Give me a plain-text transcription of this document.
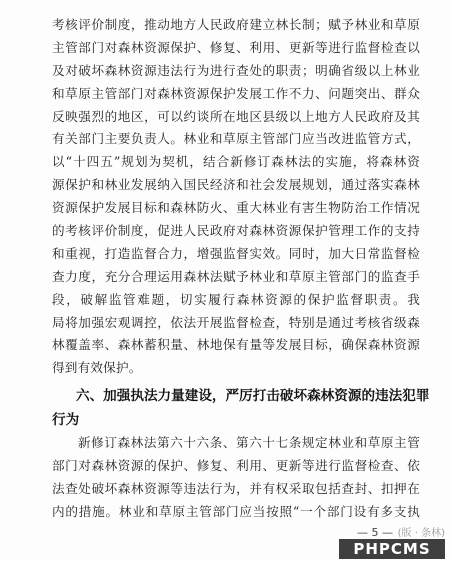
考核评价制度，推动地方人民政府建立林长制；赋予林业和草原
主管部门对森林资源保护、修复、利用、更新等进行监督检查以
及对破坏森林资源违法行为进行查处的职责；明确省级以上林业
和草原主管部门对森林资源保护发展工作不力、问题突出、群众
反映强烈的地区，可以约谈所在地区县级以上地方人民政府及其
有关部门主要负责人。林业和草原主管部门应当改进监管方式，
以“十四五”规划为契机，结合新修订森林法的实施，将森林资
源保护和林业发展纳入国民经济和社会发展规划，通过落实森林
资源保护发展目标和森林防火、重大林业有害生物防治工作情况
的考核评价制度，促进人民政府对森林资源保护管理工作的支持
和重视，打造监督合力，增强监督实效。同时，加大日常监督检
查力度，充分合理运用森林法赋予林业和草原主管部门的监查手
段，破解监管难题，切实履行森林资源的保护监督职责。我
局将加强宏观调控，依法开展监督检查，特别是通过考核省级森
林覆盖率、森林蓄积量、林地保有量等发展目标，确保森林资源
得到有效保护。
六、加强执法力量建设，严厉打击破坏森林资源的违法犯罪
行为
新修订森林法第六十六条、第六十七条规定林业和草原主管
部门对森林资源的保护、修复、利用、更新等进行监督检查、依
法查处破坏森林资源等违法行为，并有权采取包括查封、扣押在
内的措施。林业和草原主管部门应当按照“一个部门设有多支执
— 5 — (版 · 条林)
PHPCMS
